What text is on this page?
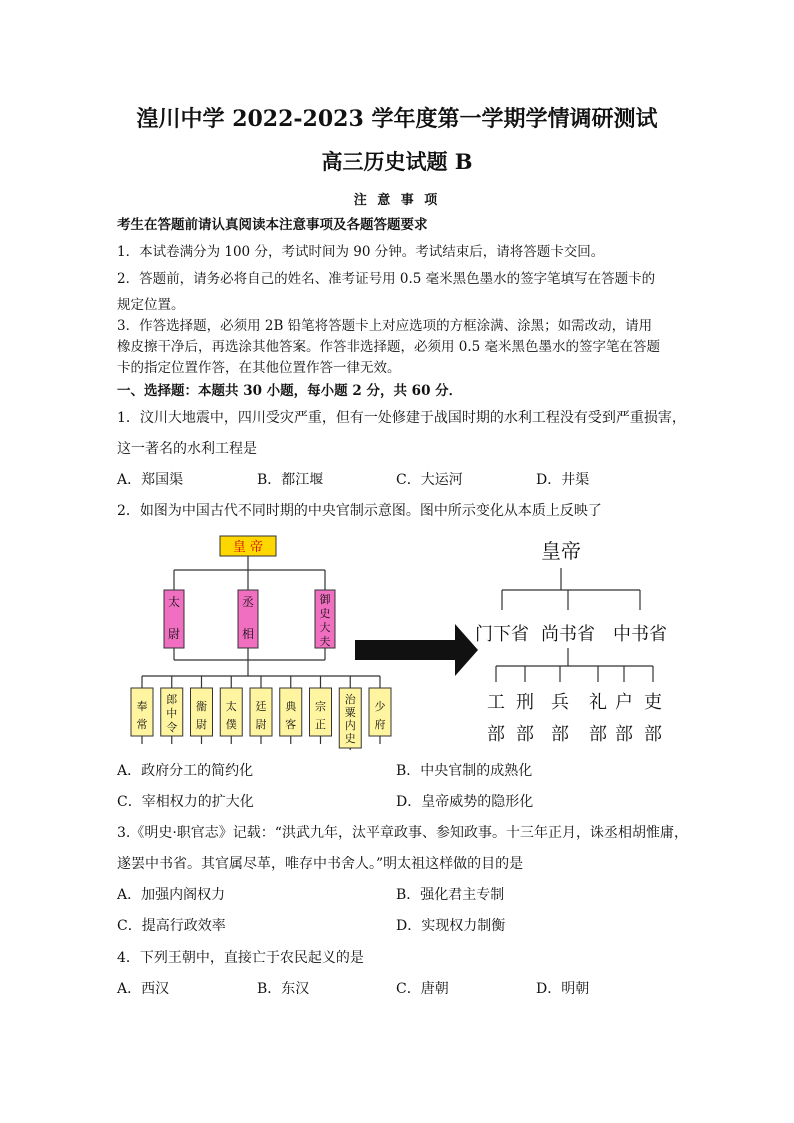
湟川中学 2022-2023 学年度第一学期学情调研测试
高三历史试题 B
注 意 事 项
考生在答题前请认真阅读本注意事项及各题答题要求
1．本试卷满分为 100 分，考试时间为 90 分钟。考试结束后，请将答题卡交回。
2．答题前，请务必将自己的姓名、准考证号用 0.5 毫米黑色墨水的签字笔填写在答题卡的
规定位置。
3．作答选择题，必须用 2B 铅笔将答题卡上对应选项的方框涂满、涂黑；如需改动，请用
橡皮擦干净后，再选涂其他答案。作答非选择题，必须用 0.5 毫米黑色墨水的签字笔在答题
卡的指定位置作答，在其他位置作答一律无效。
一、选择题：本题共 30 小题，每小题 2 分，共 60 分．
1．汶川大地震中，四川受灾严重，但有一处修建于战国时期的水利工程没有受到严重损害，
这一著名的水利工程是
A．郑国渠	B．都江堰	C．大运河	D．井渠
2．如图为中国古代不同时期的中央官制示意图。图中所示变化从本质上反映了
皇 帝
太
尉
丞
相
御
史
大
夫
奉
常
郎
中
令
衞
尉
太
僕
廷
尉
典
客
宗
正
治
粟
内
史
少
府
皇帝
门下省 尚书省 中书省
工
部
刑
部
兵
部
礼
部
户
部
吏
部
A．政府分工的简约化	B．中央官制的成熟化
C．宰相权力的扩大化	D．皇帝威势的隐形化
3.《明史·职官志》记载：“洪武九年，汰平章政事、参知政事。十三年正月，诛丞相胡惟庸，
遂罢中书省。其官属尽革，唯存中书舍人。”明太祖这样做的目的是
A．加强内阁权力	B．强化君主专制
C．提高行政效率	D．实现权力制衡
4．下列王朝中，直接亡于农民起义的是
A．西汉	B．东汉	C．唐朝	D．明朝
